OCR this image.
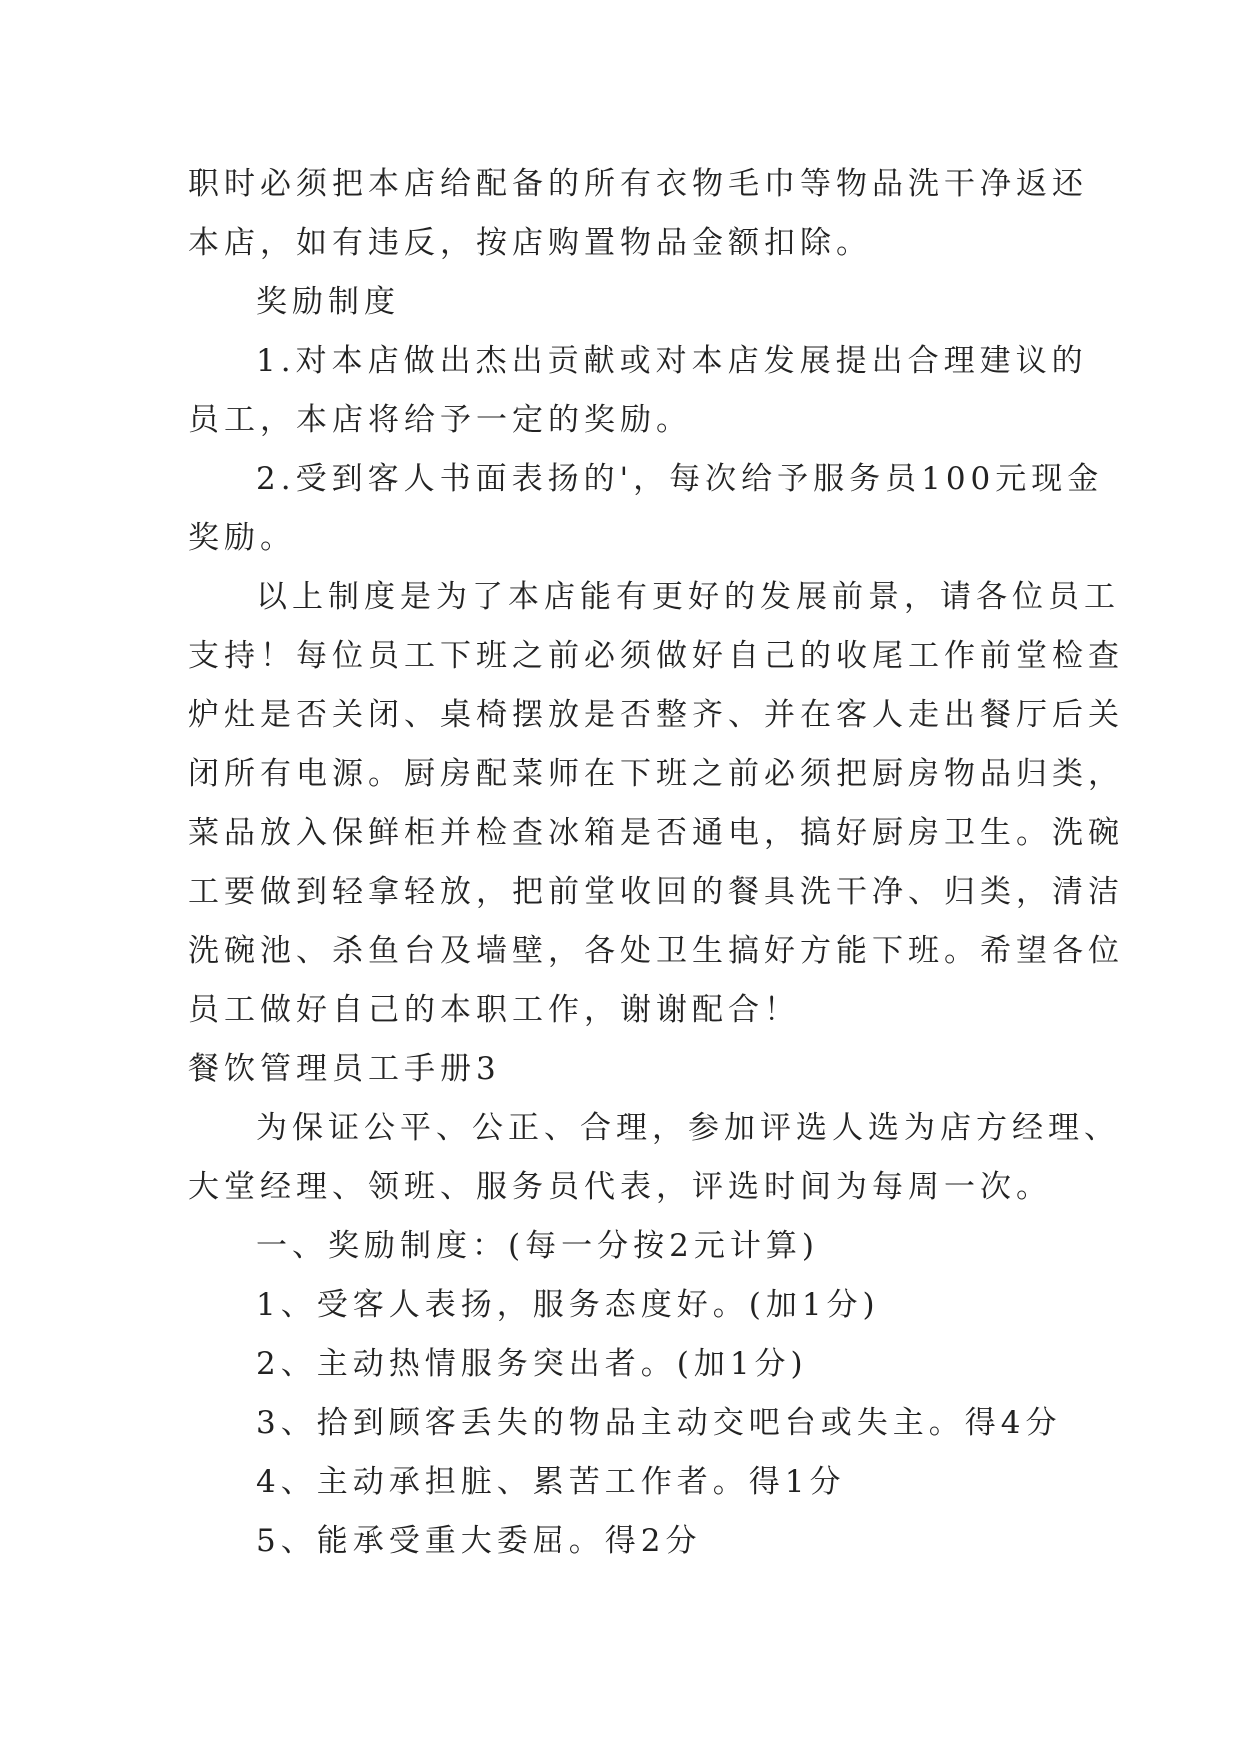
职时必须把本店给配备的所有衣物毛巾等物品洗干净返还
本店，如有违反，按店购置物品金额扣除。
奖励制度
1.对本店做出杰出贡献或对本店发展提出合理建议的
员工，本店将给予一定的奖励。
2.受到客人书面表扬的'，每次给予服务员100元现金
奖励。
以上制度是为了本店能有更好的发展前景，请各位员工
支持！每位员工下班之前必须做好自己的收尾工作前堂检查
炉灶是否关闭、桌椅摆放是否整齐、并在客人走出餐厅后关
闭所有电源。厨房配菜师在下班之前必须把厨房物品归类，
菜品放入保鲜柜并检查冰箱是否通电，搞好厨房卫生。洗碗
工要做到轻拿轻放，把前堂收回的餐具洗干净、归类，清洁
洗碗池、杀鱼台及墙壁，各处卫生搞好方能下班。希望各位
员工做好自己的本职工作，谢谢配合！
餐饮管理员工手册3
为保证公平、公正、合理，参加评选人选为店方经理、
大堂经理、领班、服务员代表，评选时间为每周一次。
一、奖励制度：(每一分按2元计算)
1、受客人表扬，服务态度好。(加1分)
2、主动热情服务突出者。(加1分)
3、拾到顾客丢失的物品主动交吧台或失主。得4分
4、主动承担脏、累苦工作者。得1分
5、能承受重大委屈。得2分
